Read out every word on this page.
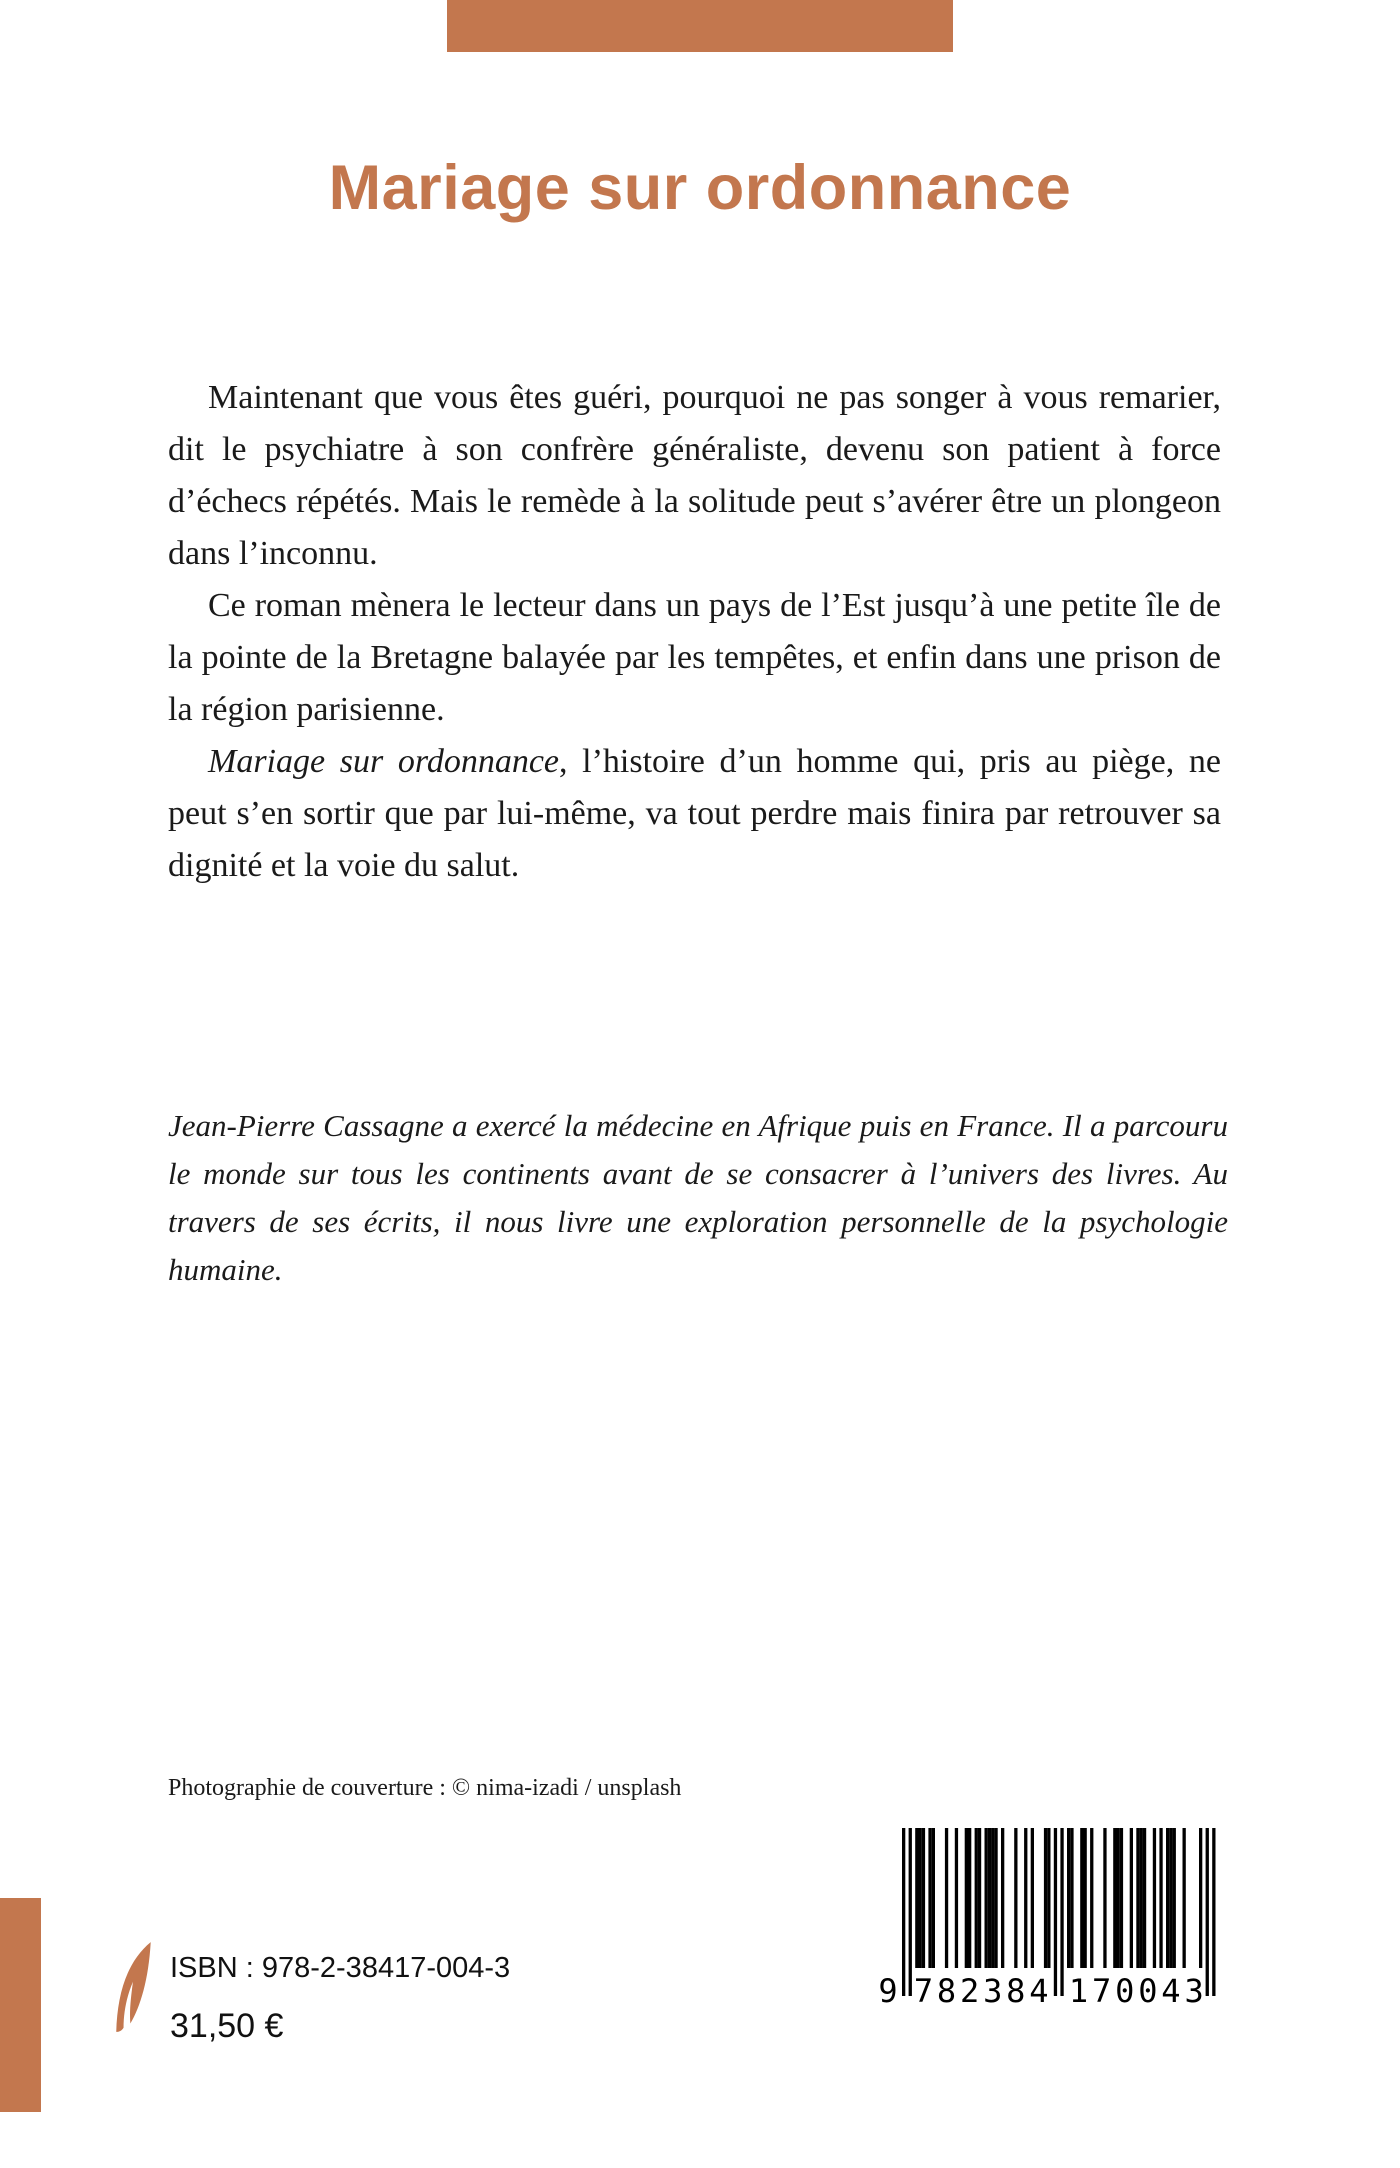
Mariage sur ordonnance

Maintenant que vous êtes guéri, pourquoi ne pas songer à vous remarier, dit le psychiatre à son confrère généraliste, devenu son patient à force d’échecs répétés. Mais le remède à la solitude peut s’avérer être un plongeon dans l’inconnu.

Ce roman mènera le lecteur dans un pays de l’Est jusqu’à une petite île de la pointe de la Bretagne balayée par les tempêtes, et enfin dans une prison de la région parisienne.

Mariage sur ordonnance, l’histoire d’un homme qui, pris au piège, ne peut s’en sortir que par lui-même, va tout perdre mais finira par retrouver sa dignité et la voie du salut.

Jean-Pierre Cassagne a exercé la médecine en Afrique puis en France. Il a parcouru le monde sur tous les continents avant de se consacrer à l’univers des livres. Au travers de ses écrits, il nous livre une exploration personnelle de la psychologie humaine.

Photographie de couverture : © nima-izadi / unsplash
ISBN : 978-2-38417-004-3
31,50 €
9 7	1
8	7
2	0
3	0
8	4
4	3
